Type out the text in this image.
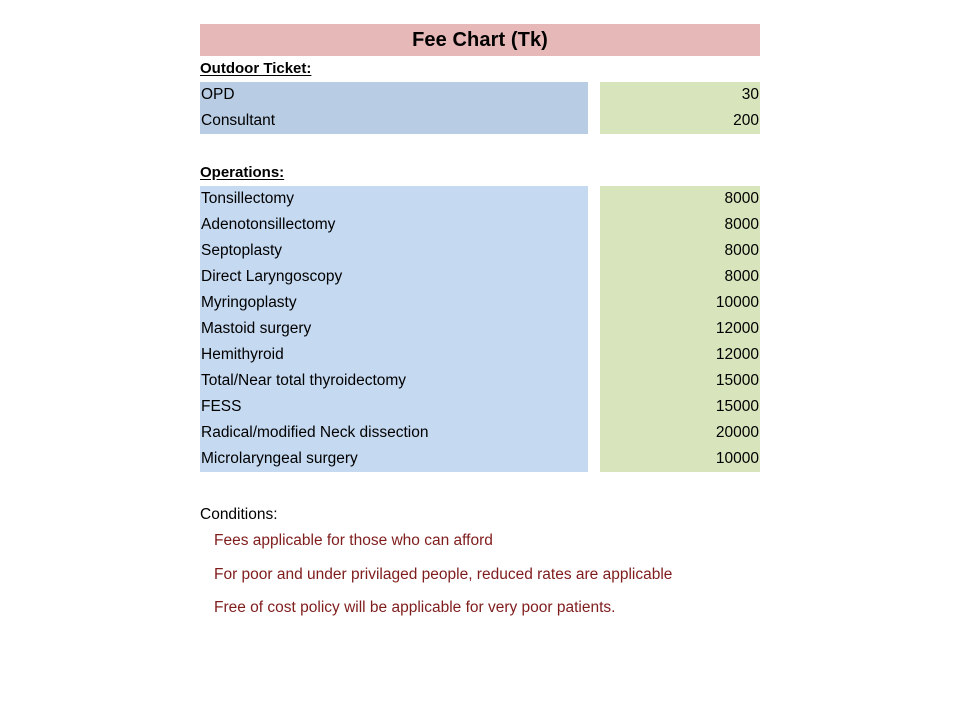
Fee Chart (Tk)
Outdoor Ticket:
OPD	30
Consultant	200
Operations:
Tonsillectomy	8000
Adenotonsillectomy	8000
Septoplasty	8000
Direct Laryngoscopy	8000
Myringoplasty	10000
Mastoid surgery	12000
Hemithyroid	12000
Total/Near total thyroidectomy	15000
FESS	15000
Radical/modified Neck dissection	20000
Microlaryngeal surgery	10000
Conditions:
Fees applicable for those who can afford
For poor and under privilaged people, reduced rates are applicable
Free of cost policy will be applicable for very poor patients.
